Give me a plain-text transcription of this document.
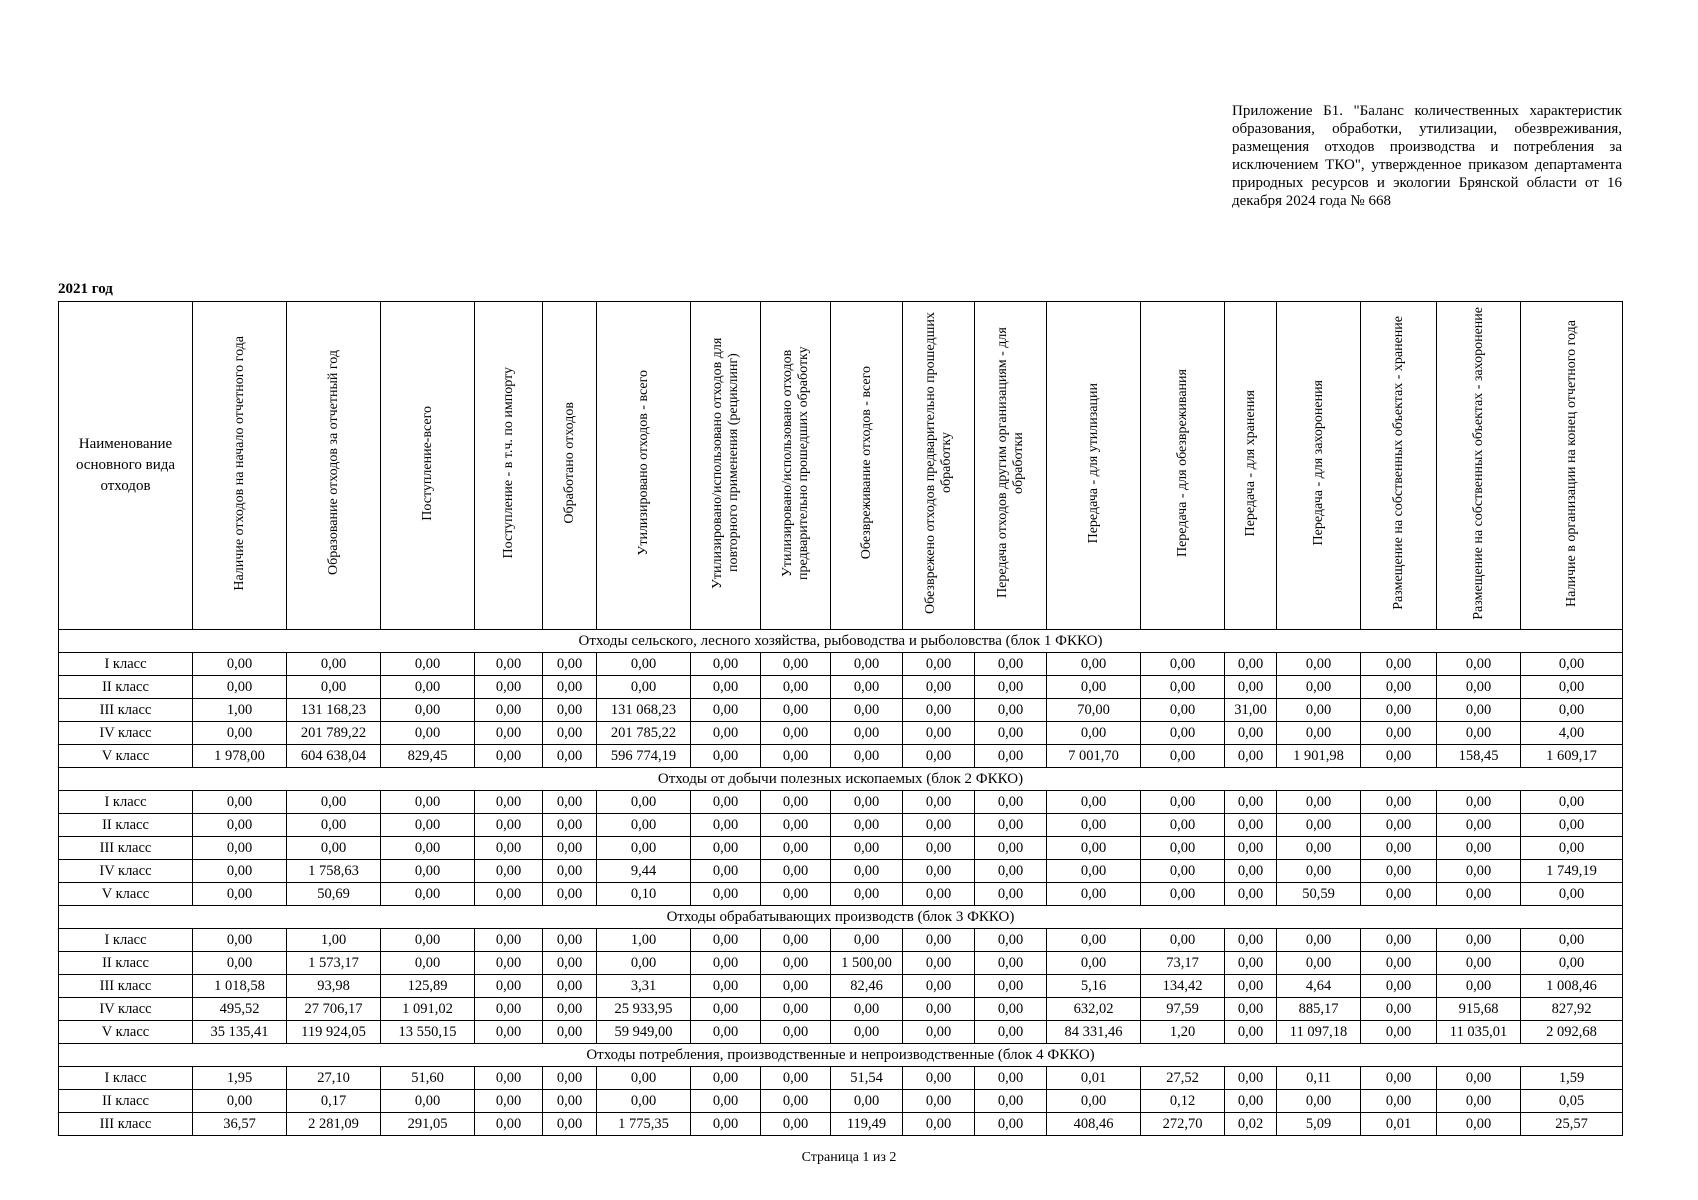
Приложение Б1. "Баланс количественных характеристик образования, обработки, утилизации, обезвреживания, размещения отходов производства и потребления за исключением ТКО", утвержденное приказом департамента природных ресурсов и экологии Брянской области от 16 декабря 2024 года № 668
2021 год
Наименование основного вида отходов	Наличие отходов на начало отчетного года	Образование отходов за отчетный год	Поступление-всего	Поступление - в т.ч. по импорту	Обработано отходов	Утилизировано отходов - всего	Утилизировано/использовано отходов для повторного применения (рециклинг)	Утилизировано/использовано отходов предварительно прошедших обработку	Обезвреживание отходов - всего	Обезврежено отходов предварительно прошедших обработку	Передача отходов другим организациям - для обработки	Передача - для утилизации	Передача - для обезвреживания	Передача - для хранения	Передача - для захоронения	Размещение на собственных объектах - хранение	Размещение на собственных объектах - захоронение	Наличие в организации на конец отчетного года
Отходы сельского, лесного хозяйства, рыбоводства и рыболовства (блок 1 ФККО)																		
I класс	0,00	0,00	0,00	0,00	0,00	0,00	0,00	0,00	0,00	0,00	0,00	0,00	0,00	0,00	0,00	0,00	0,00	0,00
II класс	0,00	0,00	0,00	0,00	0,00	0,00	0,00	0,00	0,00	0,00	0,00	0,00	0,00	0,00	0,00	0,00	0,00	0,00
III класс	1,00	131 168,23	0,00	0,00	0,00	131 068,23	0,00	0,00	0,00	0,00	0,00	70,00	0,00	31,00	0,00	0,00	0,00	0,00
IV класс	0,00	201 789,22	0,00	0,00	0,00	201 785,22	0,00	0,00	0,00	0,00	0,00	0,00	0,00	0,00	0,00	0,00	0,00	4,00
V класс	1 978,00	604 638,04	829,45	0,00	0,00	596 774,19	0,00	0,00	0,00	0,00	0,00	7 001,70	0,00	0,00	1 901,98	0,00	158,45	1 609,17
Отходы от добычи полезных ископаемых (блок 2 ФККО)																		
I класс	0,00	0,00	0,00	0,00	0,00	0,00	0,00	0,00	0,00	0,00	0,00	0,00	0,00	0,00	0,00	0,00	0,00	0,00
II класс	0,00	0,00	0,00	0,00	0,00	0,00	0,00	0,00	0,00	0,00	0,00	0,00	0,00	0,00	0,00	0,00	0,00	0,00
III класс	0,00	0,00	0,00	0,00	0,00	0,00	0,00	0,00	0,00	0,00	0,00	0,00	0,00	0,00	0,00	0,00	0,00	0,00
IV класс	0,00	1 758,63	0,00	0,00	0,00	9,44	0,00	0,00	0,00	0,00	0,00	0,00	0,00	0,00	0,00	0,00	0,00	1 749,19
V класс	0,00	50,69	0,00	0,00	0,00	0,10	0,00	0,00	0,00	0,00	0,00	0,00	0,00	0,00	50,59	0,00	0,00	0,00
Отходы обрабатывающих производств (блок 3 ФККО)																		
I класс	0,00	1,00	0,00	0,00	0,00	1,00	0,00	0,00	0,00	0,00	0,00	0,00	0,00	0,00	0,00	0,00	0,00	0,00
II класс	0,00	1 573,17	0,00	0,00	0,00	0,00	0,00	0,00	1 500,00	0,00	0,00	0,00	73,17	0,00	0,00	0,00	0,00	0,00
III класс	1 018,58	93,98	125,89	0,00	0,00	3,31	0,00	0,00	82,46	0,00	0,00	5,16	134,42	0,00	4,64	0,00	0,00	1 008,46
IV класс	495,52	27 706,17	1 091,02	0,00	0,00	25 933,95	0,00	0,00	0,00	0,00	0,00	632,02	97,59	0,00	885,17	0,00	915,68	827,92
V класс	35 135,41	119 924,05	13 550,15	0,00	0,00	59 949,00	0,00	0,00	0,00	0,00	0,00	84 331,46	1,20	0,00	11 097,18	0,00	11 035,01	2 092,68
Отходы потребления, производственные и непроизводственные (блок 4 ФККО)																		
I класс	1,95	27,10	51,60	0,00	0,00	0,00	0,00	0,00	51,54	0,00	0,00	0,01	27,52	0,00	0,11	0,00	0,00	1,59
II класс	0,00	0,17	0,00	0,00	0,00	0,00	0,00	0,00	0,00	0,00	0,00	0,00	0,12	0,00	0,00	0,00	0,00	0,05
III класс	36,57	2 281,09	291,05	0,00	0,00	1 775,35	0,00	0,00	119,49	0,00	0,00	408,46	272,70	0,02	5,09	0,01	0,00	25,57
Страница 1 из 2
